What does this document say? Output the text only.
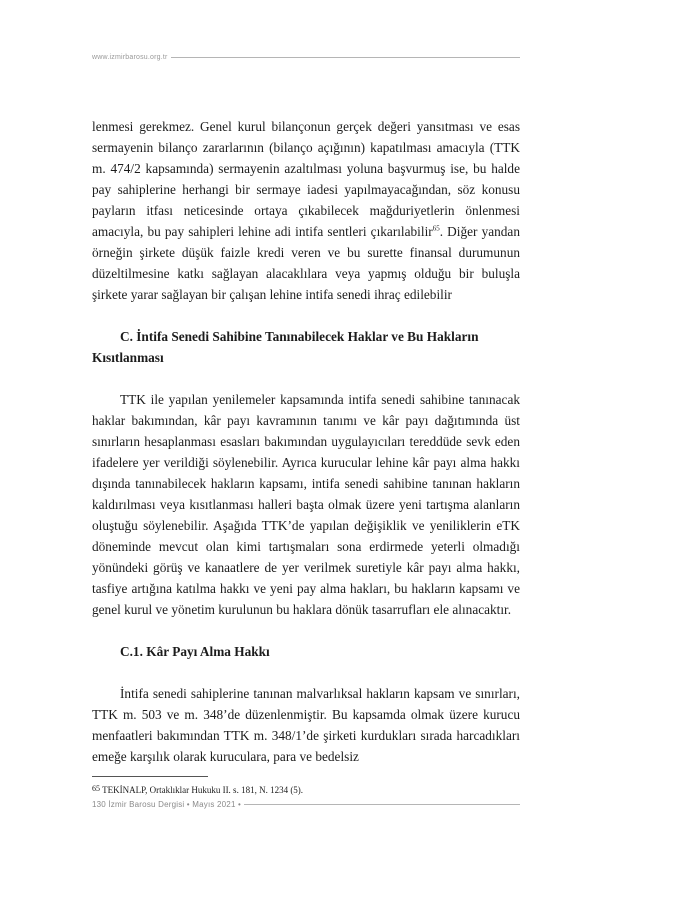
www.izmirbarosu.org.tr

lenmesi gerekmez. Genel kurul bilançonun gerçek değeri yansıtması ve esas sermayenin bilanço zararlarının (bilanço açığının) kapatılması amacıyla (TTK m. 474/2 kapsamında) sermayenin azaltılması yoluna başvurmuş ise, bu halde pay sahiplerine herhangi bir sermaye iadesi yapılmayacağından, söz konusu payların itfası neticesinde ortaya çıkabilecek mağduriyetlerin önlenmesi amacıyla, bu pay sahipleri lehine adi intifa sentleri çıkarılabilir$^{65}$. Diğer yandan örneğin şirkete düşük faizle kredi veren ve bu surette finansal durumunun düzeltilmesine katkı sağlayan alacaklılara veya yapmış olduğu bir buluşla şirkete yarar sağlayan bir çalışan lehine intifa senedi ihraç edilebilir

C. İntifa Senedi Sahibine Tanınabilecek Haklar ve Bu Hakların Kısıtlanması

TTK ile yapılan yenilemeler kapsamında intifa senedi sahibine tanınacak haklar bakımından, kâr payı kavramının tanımı ve kâr payı dağıtımında üst sınırların hesaplanması esasları bakımından uygulayıcıları tereddüde sevk eden ifadelere yer verildiği söylenebilir. Ayrıca kurucular lehine kâr payı alma hakkı dışında tanınabilecek hakların kapsamı, intifa senedi sahibine tanınan hakların kaldırılması veya kısıtlanması halleri başta olmak üzere yeni tartışma alanların oluştuğu söylenebilir. Aşağıda TTK’de yapılan değişiklik ve yeniliklerin eTK döneminde mevcut olan kimi tartışmaları sona erdirmede yeterli olmadığı yönündeki görüş ve kanaatlere de yer verilmek suretiyle kâr payı alma hakkı, tasfiye artığına katılma hakkı ve yeni pay alma hakları, bu hakların kapsamı ve genel kurul ve yönetim kurulunun bu haklara dönük tasarrufları ele alınacaktır.

C.1. Kâr Payı Alma Hakkı

İntifa senedi sahiplerine tanınan malvarlıksal hakların kapsam ve sınırları, TTK m. 503 ve m. 348’de düzenlenmiştir. Bu kapsamda olmak üzere kurucu menfaatleri bakımından TTK m. 348/1’de şirketi kurdukları sırada harcadıkları emeğe karşılık olarak kuruculara, para ve bedelsiz

65 TEKİNALP, Ortaklıklar Hukuku II. s. 181, N. 1234 (5).
130 İzmir Barosu Dergisi • Mayıs 2021 •
